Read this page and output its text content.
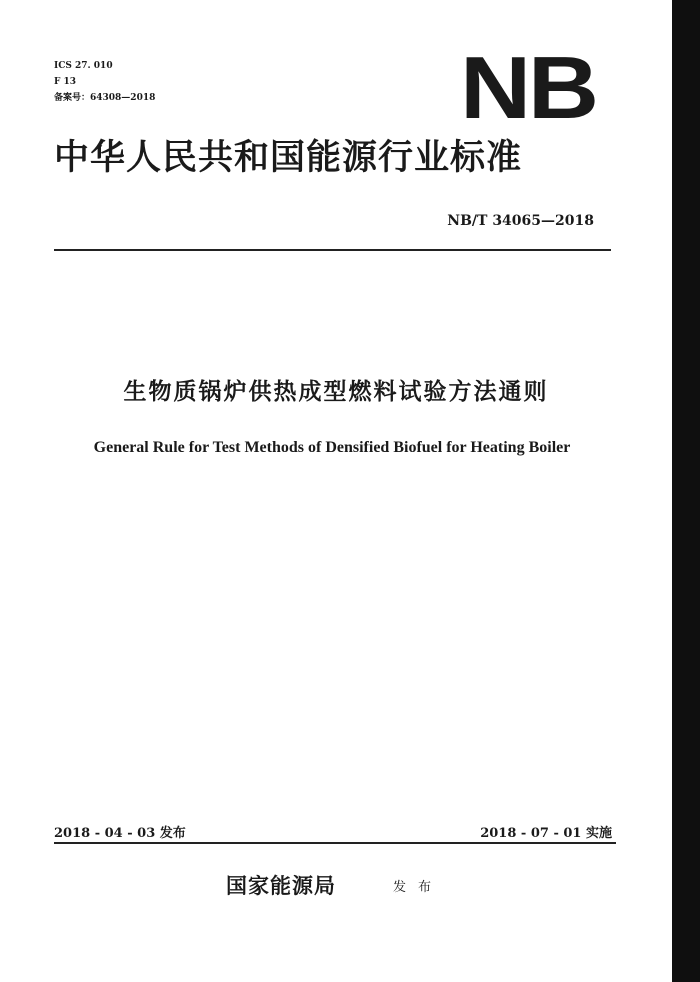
ICS 27. 010
F 13
备案号：64308—2018	NB
中华人民共和国能源行业标准
NB/T 34065—2018
生物质锅炉供热成型燃料试验方法通则
General Rule for Test Methods of Densified Biofuel for Heating Boiler
2018 - 04 - 03 发布	2018 - 07 - 01 实施
国家能源局	发布
